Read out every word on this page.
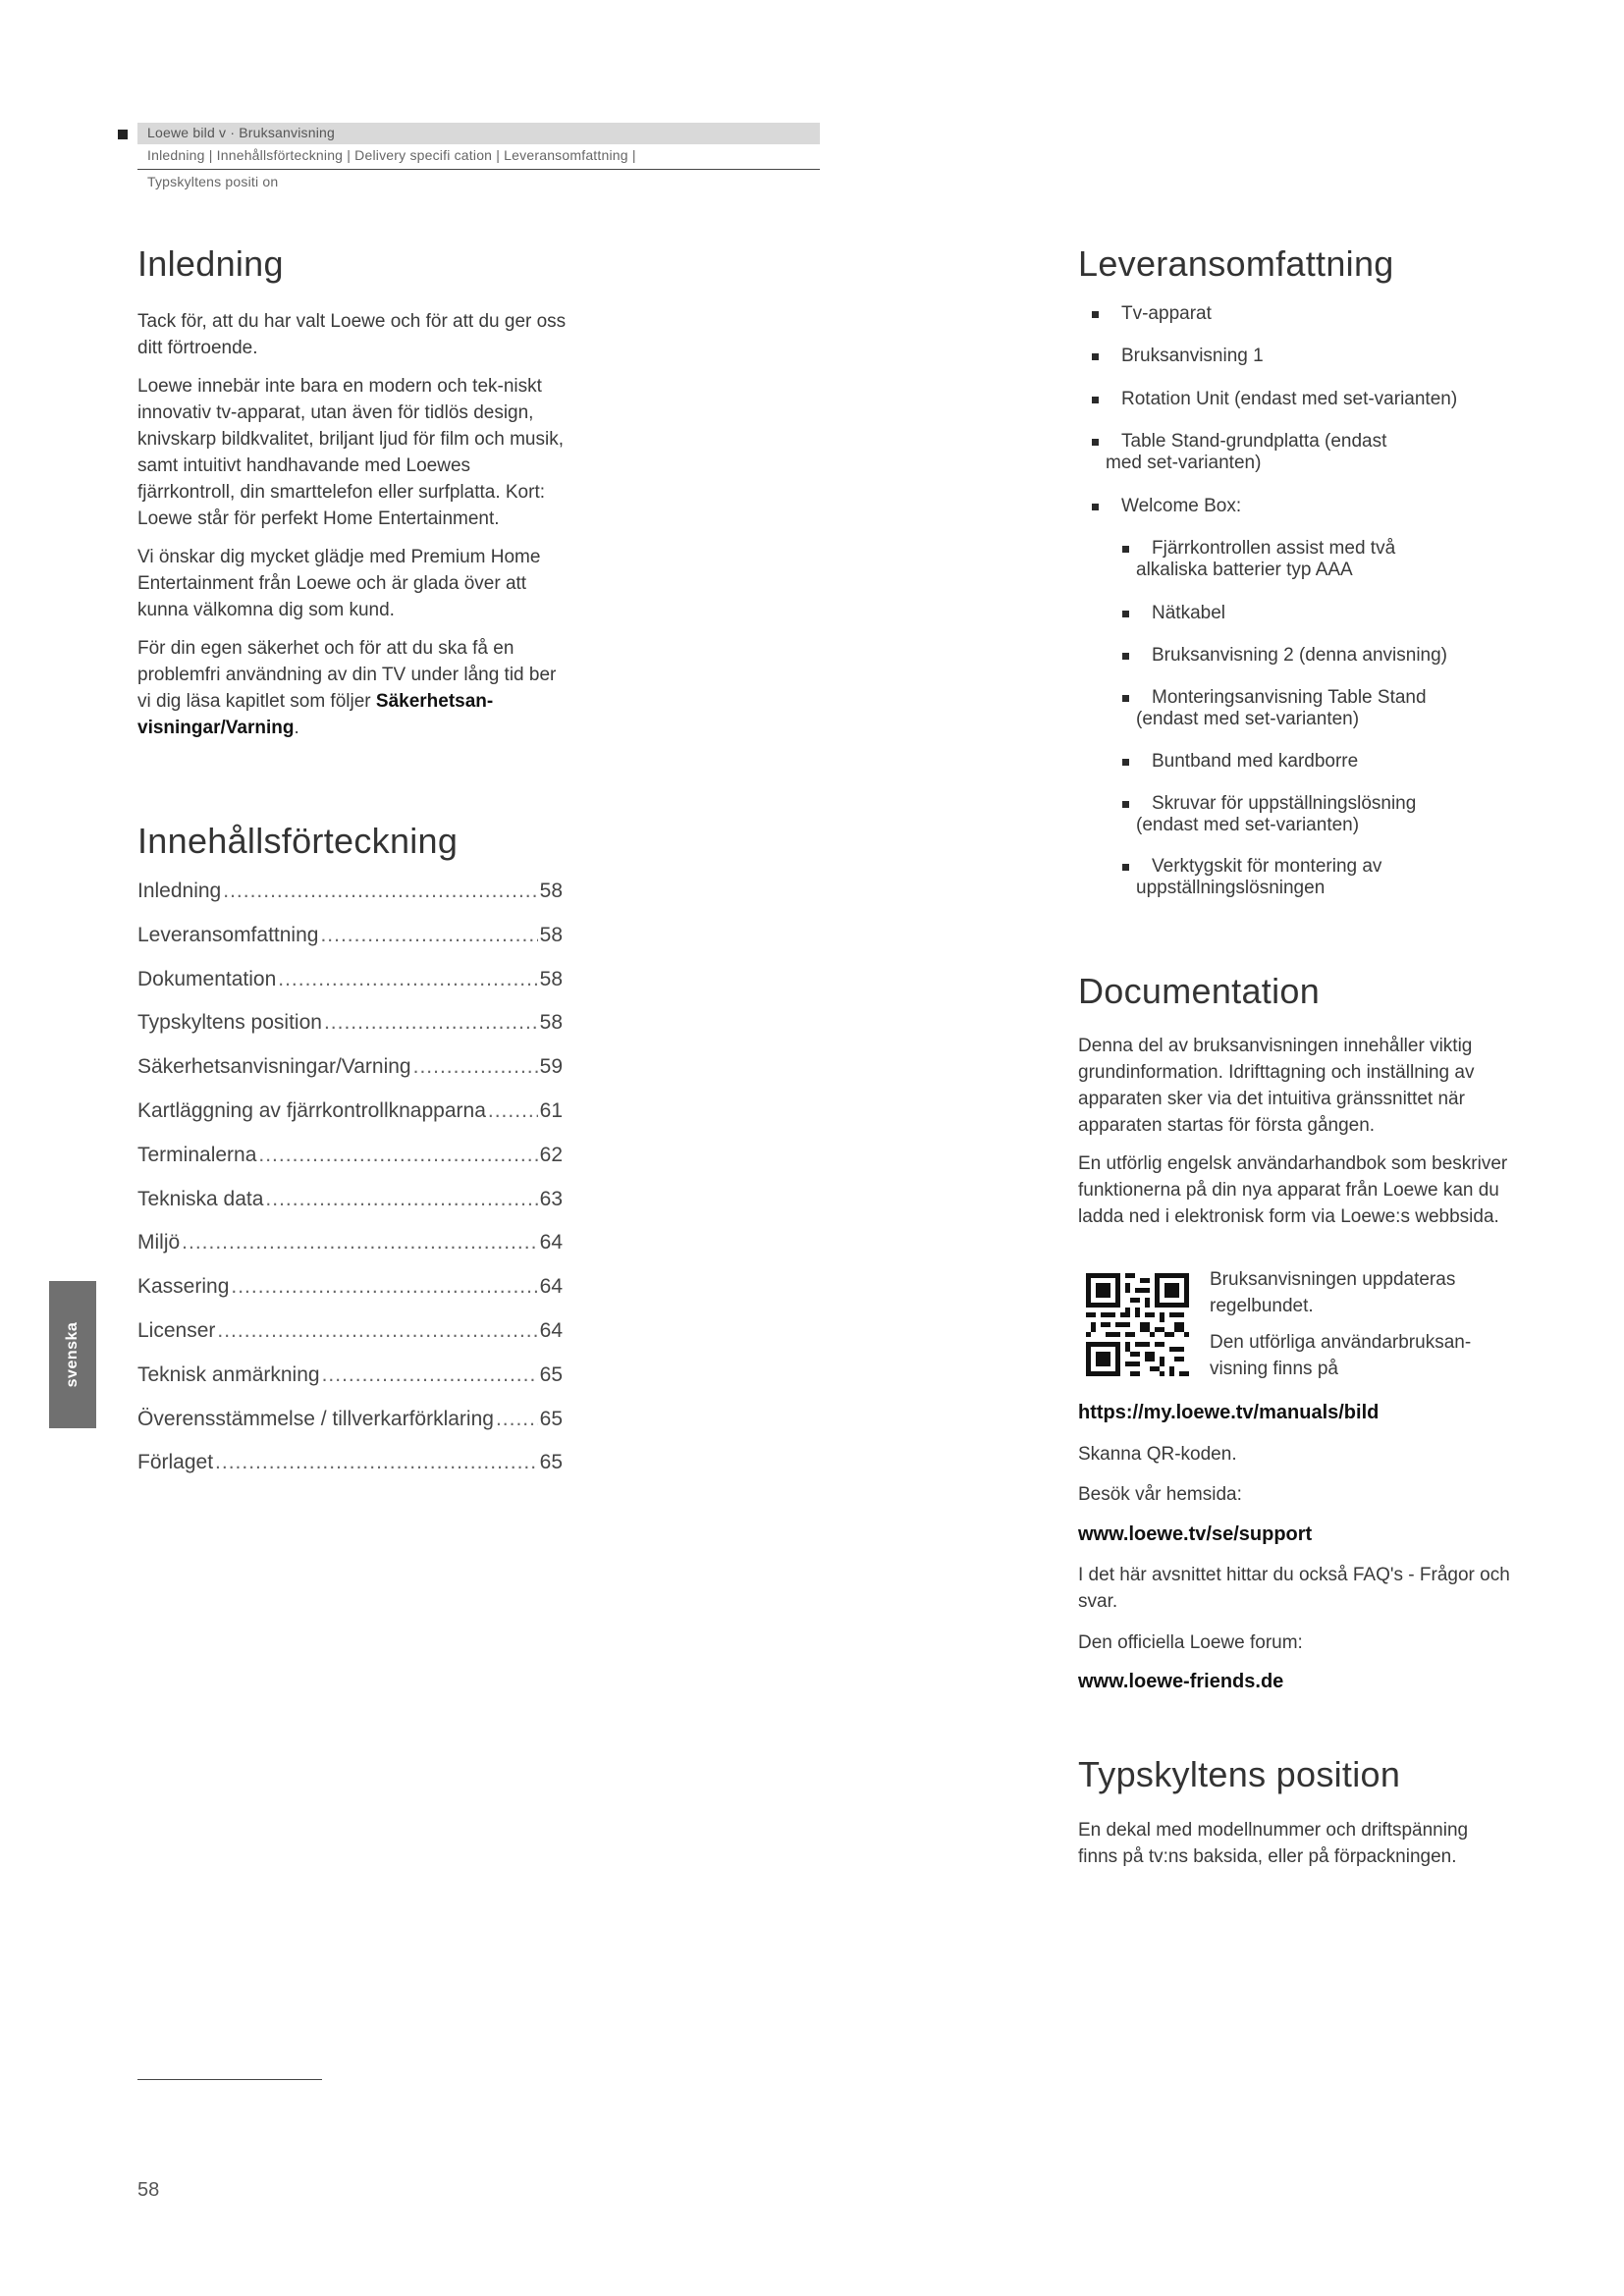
Loewe bild v · Bruksanvisning
Inledning | Innehållsförteckning | Delivery specifi cation | Leveransomfattning |
Typskyltens positi on
svenska
Inledning

Tack för, att du har valt Loewe och för att du ger oss ditt förtroende.

Loewe innebär inte bara en modern och tek-niskt innovativ tv-apparat, utan även för tidlös design, knivskarp bildkvalitet, briljant ljud för film och musik, samt intuitivt handhavande med Loewes fjärrkontroll, din smarttelefon eller surfplatta. Kort: Loewe står för perfekt Home Entertainment.

Vi önskar dig mycket glädje med Premium Home Entertainment från Loewe och är glada över att kunna välkomna dig som kund.

För din egen säkerhet och för att du ska få en problemfri användning av din TV under lång tid ber vi dig läsa kapitlet som följer Säkerhetsan-visningar/Varning.

Innehållsförteckning
Inledning .....	58
Leveransomfattning .....	58
Dokumentation .....	58
Typskyltens position .....	58
Säkerhetsanvisningar/Varning .....	59
Kartläggning av fjärrkontrollknapparna .....	61
Terminalerna .....	62
Tekniska data .....	63
Miljö .....	64
Kassering .....	64
Licenser .....	64
Teknisk anmärkning .....	65
Överensstämmelse / tillverkarförklaring ..... 65
Förlaget .....	65
Leveransomfattning
Tv-apparat
Bruksanvisning 1
Rotation Unit (endast med set-varianten)
Table Stand-grundplatta (endast
med set-varianten)
Welcome Box:
Fjärrkontrollen assist med två
alkaliska batterier typ AAA
Nätkabel
Bruksanvisning 2 (denna anvisning)
Monteringsanvisning Table Stand
(endast med set-varianten)
Buntband med kardborre
Skruvar för uppställningslösning
(endast med set-varianten)
Verktygskit för montering av
uppställningslösningen
Documentation

Denna del av bruksanvisningen innehåller viktig grundinformation. Idrifttagning och inställning av apparaten sker via det intuitiva gränssnittet när apparaten startas för första gången.

En utförlig engelsk användarhandbok som beskriver funktionerna på din nya apparat från Loewe kan du ladda ned i elektronisk form via Loewe:s webbsida.

Bruksanvisningen uppdateras regelbundet.

Den utförliga användarbruksan-visning finns på

https://my.loewe.tv/manuals/bild
Skanna QR-koden.
Besök vår hemsida:
www.loewe.tv/se/support
I det här avsnittet hittar du också FAQ's - Frågor och svar.
Den officiella Loewe forum:
www.loewe-friends.de
Typskyltens position

En dekal med modellnummer och driftspänning finns på tv:ns baksida, eller på förpackningen.

58
